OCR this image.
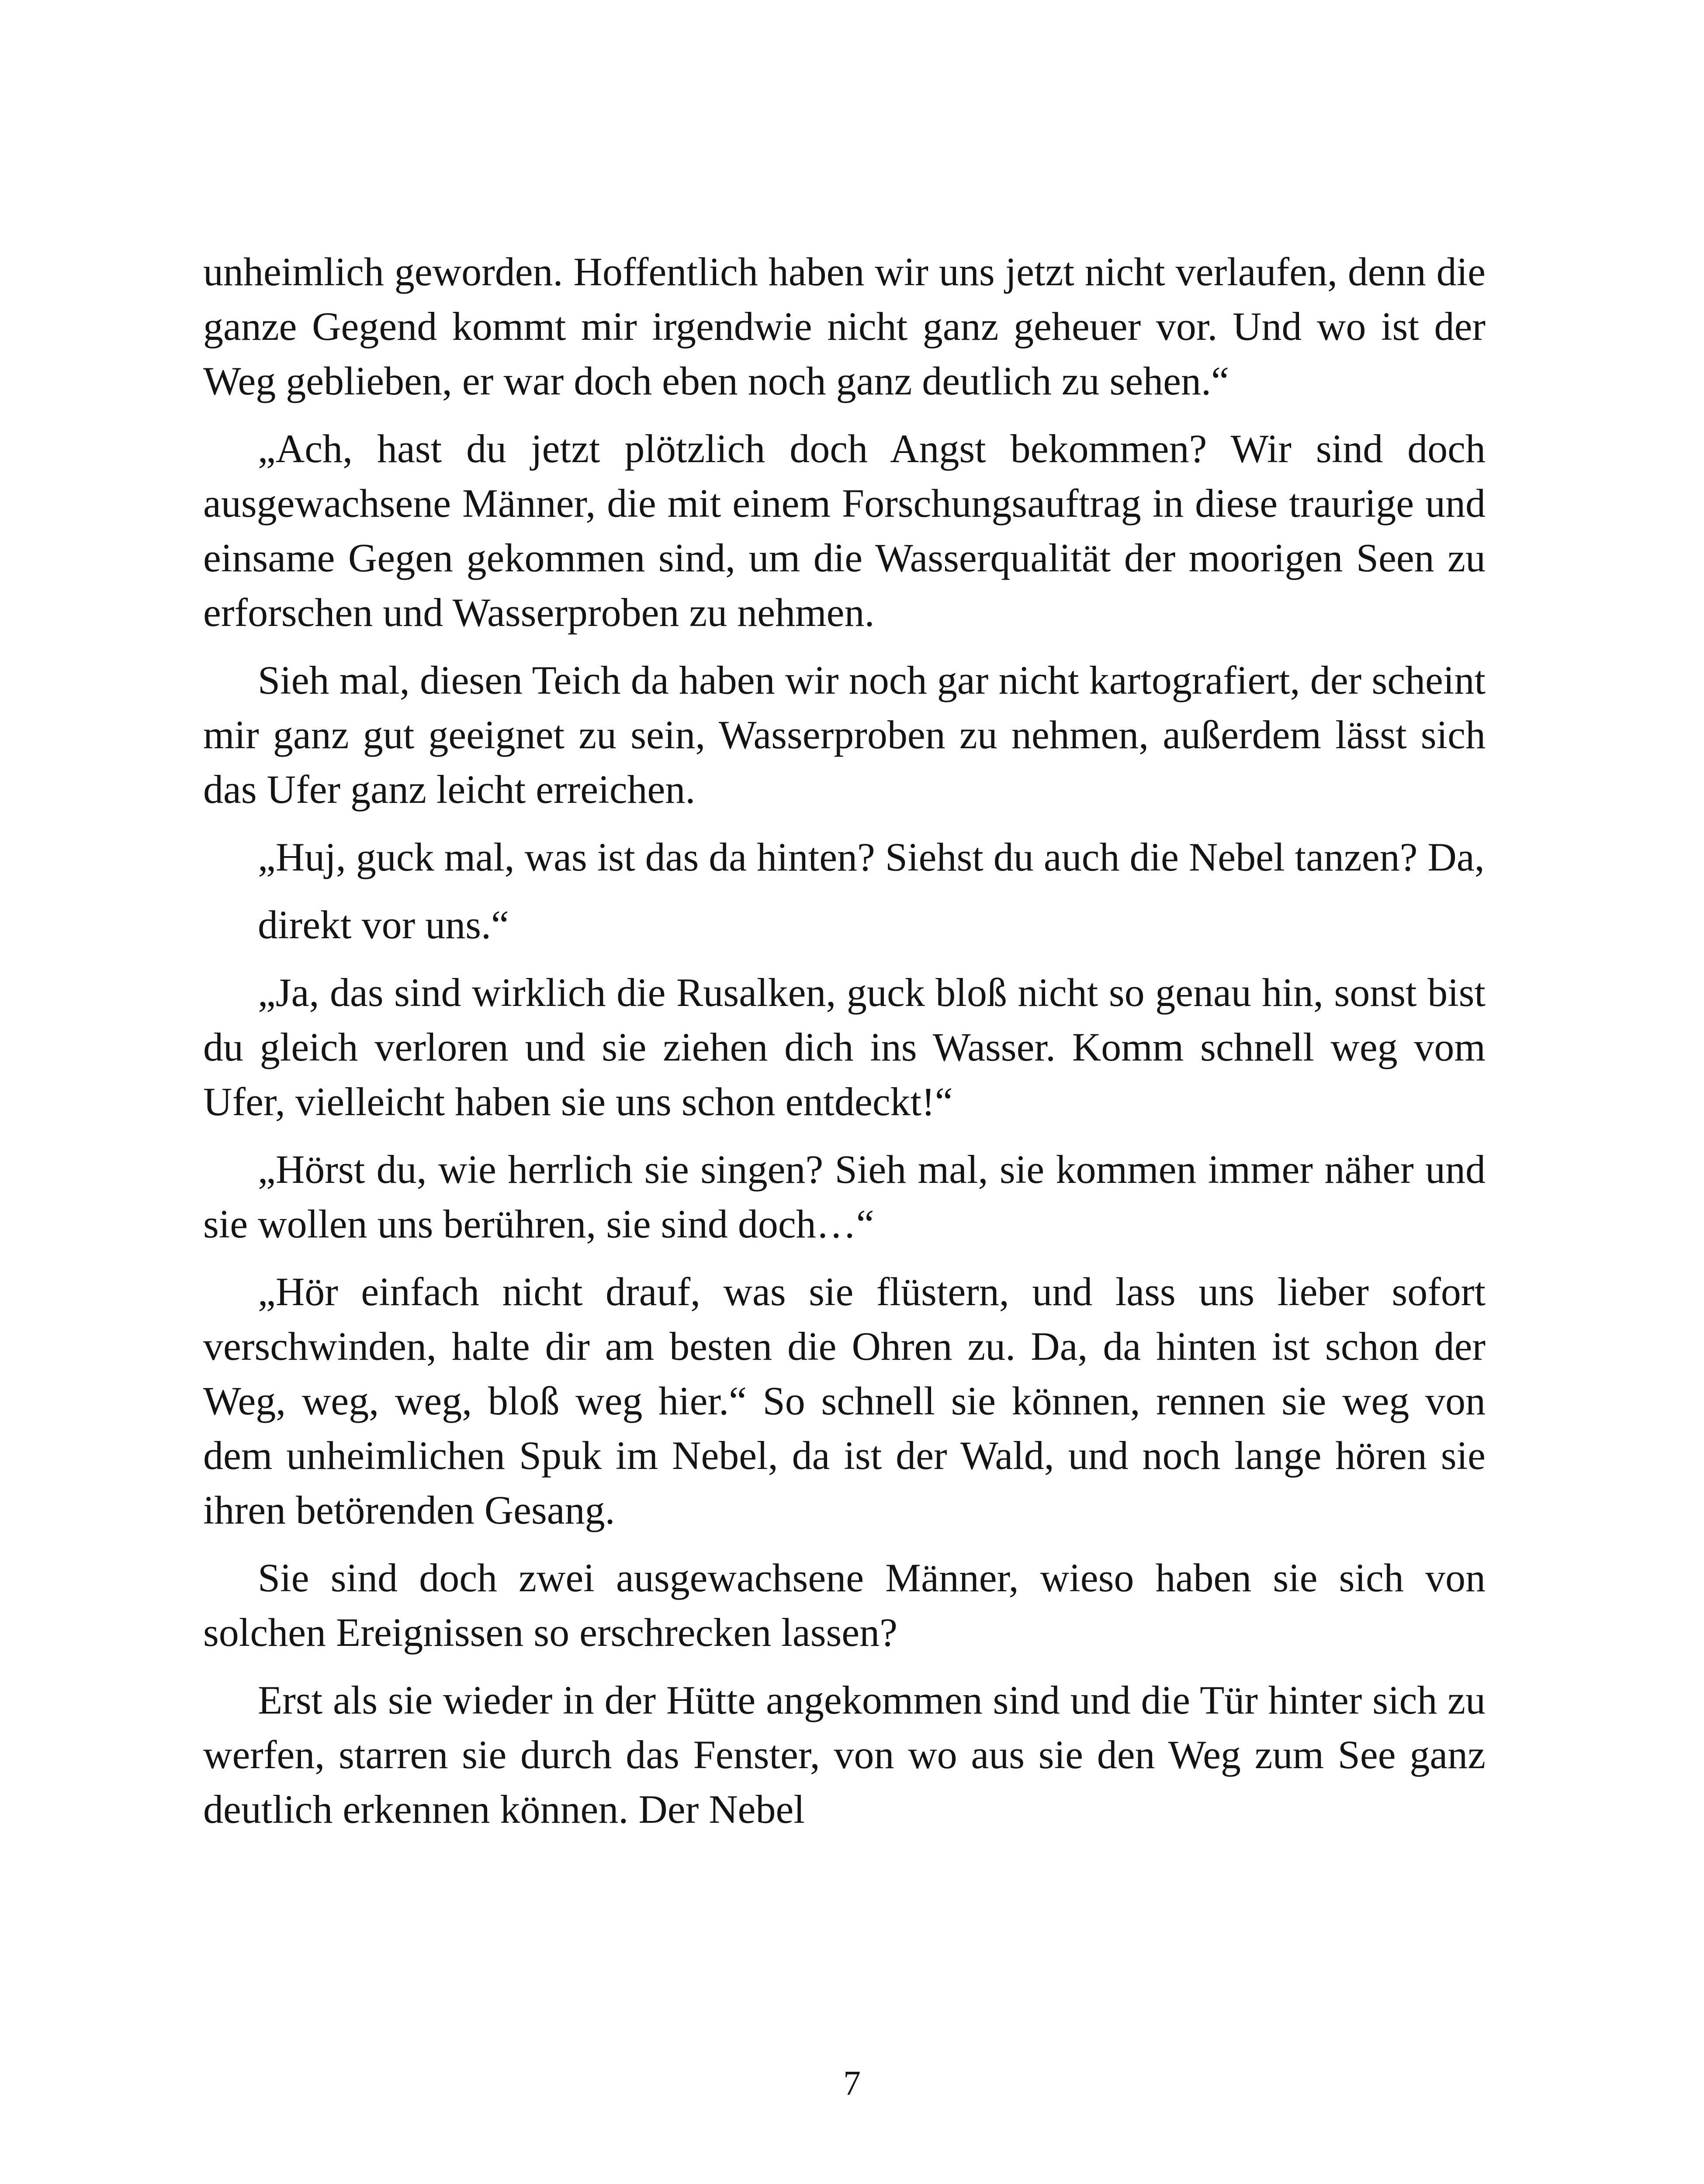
unheimlich geworden. Hoffentlich haben wir uns jetzt nicht verlaufen, denn die ganze Gegend kommt mir irgendwie nicht ganz geheuer vor. Und wo ist der Weg geblieben, er war doch eben noch ganz deutlich zu sehen.“

„Ach, hast du jetzt plötzlich doch Angst bekommen? Wir sind doch ausgewachsene Männer, die mit einem Forschungsauftrag in diese traurige und einsame Gegen gekommen sind, um die Wasserqualität der moorigen Seen zu erforschen und Wasserproben zu nehmen.

Sieh mal, diesen Teich da haben wir noch gar nicht kartografiert, der scheint mir ganz gut geeignet zu sein, Wasserproben zu nehmen, außerdem lässt sich das Ufer ganz leicht erreichen.

„Huj, guck mal, was ist das da hinten? Siehst du auch die Nebel tanzen? Da,

direkt vor uns.“

„Ja, das sind wirklich die Rusalken, guck bloß nicht so genau hin, sonst bist du gleich verloren und sie ziehen dich ins Wasser. Komm schnell weg vom Ufer, vielleicht haben sie uns schon entdeckt!“

„Hörst du, wie herrlich sie singen? Sieh mal, sie kommen immer näher und sie wollen uns berühren, sie sind doch…“

„Hör einfach nicht drauf, was sie flüstern, und lass uns lieber sofort verschwinden, halte dir am besten die Ohren zu. Da, da hinten ist schon der Weg, weg, weg, bloß weg hier.“ So schnell sie können, rennen sie weg von dem unheimlichen Spuk im Nebel, da ist der Wald, und noch lange hören sie ihren betörenden Gesang.

Sie sind doch zwei ausgewachsene Männer, wieso haben sie sich von solchen Ereignissen so erschrecken lassen?

Erst als sie wieder in der Hütte angekommen sind und die Tür hinter sich zu werfen, starren sie durch das Fenster, von wo aus sie den Weg zum See ganz deutlich erkennen können. Der Nebel

7
